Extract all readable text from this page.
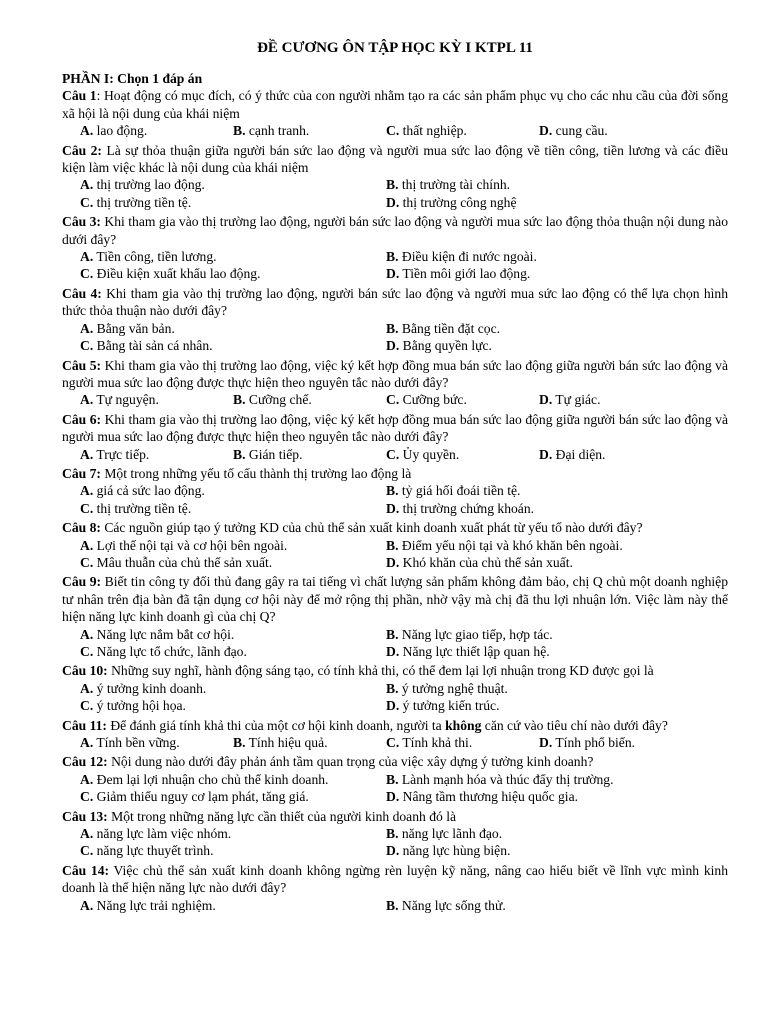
ĐỀ CƯƠNG ÔN TẬP HỌC KỲ I KTPL 11
PHẦN I: Chọn 1 đáp án

Câu 1: Hoạt động có mục đích, có ý thức của con người nhằm tạo ra các sản phẩm phục vụ cho các nhu cầu của đời sống xã hội là nội dung của khái niệm

A. lao động.	B. cạnh tranh.	C. thất nghiệp.	D. cung cầu.

Câu 2: Là sự thỏa thuận giữa người bán sức lao động và người mua sức lao động về tiền công, tiền lương và các điều kiện làm việc khác là nội dung của khái niệm

A. thị trường lao động.	B. thị trường tài chính.
C. thị trường tiền tệ.	D. thị trường công nghệ

Câu 3: Khi tham gia vào thị trường lao động, người bán sức lao động và người mua sức lao động thỏa thuận nội dung nào dưới đây?

A. Tiền công, tiền lương.	B. Điều kiện đi nước ngoài.
C. Điều kiện xuất khẩu lao động.	D. Tiền môi giới lao động.

Câu 4: Khi tham gia vào thị trường lao động, người bán sức lao động và người mua sức lao động có thể lựa chọn hình thức thỏa thuận nào dưới đây?

A. Bằng văn bản.	B. Bằng tiền đặt cọc.
C. Bằng tài sản cá nhân.	D. Bằng quyền lực.

Câu 5: Khi tham gia vào thị trường lao động, việc ký kết hợp đồng mua bán sức lao động giữa người bán sức lao động và người mua sức lao động được thực hiện theo nguyên tắc nào dưới đây?

A. Tự nguyện.	B. Cưỡng chế.	C. Cưỡng bức.	D. Tự giác.

Câu 6: Khi tham gia vào thị trường lao động, việc ký kết hợp đồng mua bán sức lao động giữa người bán sức lao động và người mua sức lao động được thực hiện theo nguyên tắc nào dưới đây?

A. Trực tiếp.	B. Gián tiếp.	C. Ủy quyền.	D. Đại diện.

Câu 7: Một trong những yếu tố cấu thành thị trường lao động là

A. giá cả sức lao động.	B. tỷ giá hối đoái tiền tệ.
C. thị trường tiền tệ.	D. thị trường chứng khoán.

Câu 8: Các nguồn giúp tạo ý tưởng KD của chủ thể sản xuất kinh doanh xuất phát từ yếu tố nào dưới đây?

A. Lợi thế nội tại và cơ hội bên ngoài.	B. Điểm yếu nội tại và khó khăn bên ngoài.
C. Mâu thuẫn của chủ thể sản xuất.	D. Khó khăn của chủ thể sản xuất.

Câu 9: Biết tin công ty đối thủ đang gây ra tai tiếng vì chất lượng sản phẩm không đảm bảo, chị Q chủ một doanh nghiệp tư nhân trên địa bàn đã tận dụng cơ hội này để mở rộng thị phần, nhờ vậy mà chị đã thu lợi nhuận lớn. Việc làm này thể hiện năng lực kinh doanh gì của chị Q?

A. Năng lực nắm bắt cơ hội.	B. Năng lực giao tiếp, hợp tác.
C. Năng lực tổ chức, lãnh đạo.	D. Năng lực thiết lập quan hệ.

Câu 10: Những suy nghĩ, hành động sáng tạo, có tính khả thi, có thể đem lại lợi nhuận trong KD được gọi là

A. ý tưởng kinh doanh.	B. ý tưởng nghệ thuật.
C. ý tưởng hội họa.	D. ý tưởng kiến trúc.

Câu 11: Để đánh giá tính khả thi của một cơ hội kinh doanh, người ta không căn cứ vào tiêu chí nào dưới đây?

A. Tính bền vững.	B. Tính hiệu quả.	C. Tính khả thi.	D. Tính phổ biến.

Câu 12: Nội dung nào dưới đây phản ánh tầm quan trọng của việc xây dựng ý tưởng kinh doanh?

A. Đem lại lợi nhuận cho chủ thể kinh doanh.	B. Lành mạnh hóa và thúc đẩy thị trường.
C. Giảm thiểu nguy cơ lạm phát, tăng giá.	D. Nâng tầm thương hiệu quốc gia.

Câu 13: Một trong những năng lực cần thiết của người kinh doanh đó là

A. năng lực làm việc nhóm.	B. năng lực lãnh đạo.
C. năng lực thuyết trình.	D. năng lực hùng biện.

Câu 14: Việc chủ thể sản xuất kinh doanh không ngừng rèn luyện kỹ năng, nâng cao hiểu biết về lĩnh vực mình kinh doanh là thể hiện năng lực nào dưới đây?

A. Năng lực trải nghiệm.	B. Năng lực sống thử.
